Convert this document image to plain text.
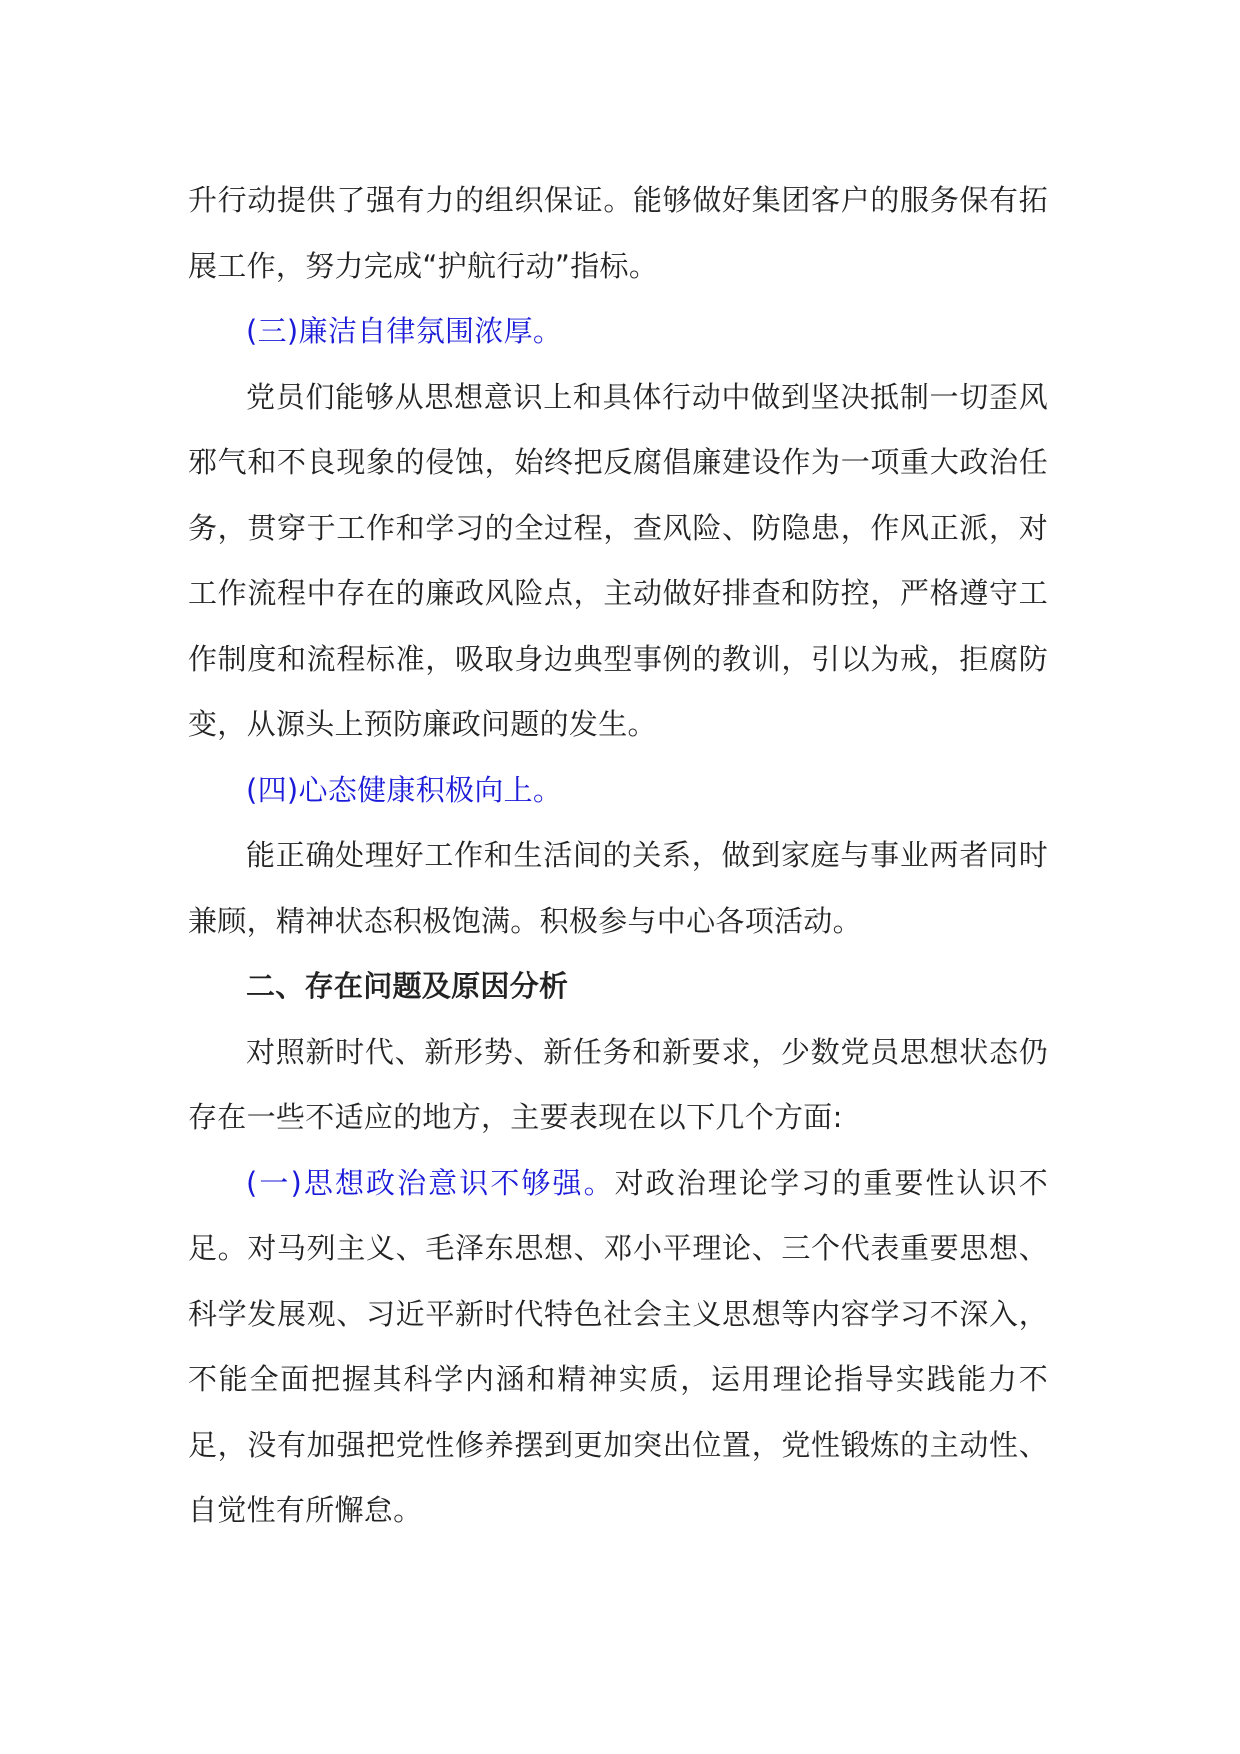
升行动提供了强有力的组织保证。能够做好集团客户的服务保有拓展工作，努力完成“护航行动”指标。

(三)廉洁自律氛围浓厚。

党员们能够从思想意识上和具体行动中做到坚决抵制一切歪风邪气和不良现象的侵蚀，始终把反腐倡廉建设作为一项重大政治任务，贯穿于工作和学习的全过程，查风险、防隐患，作风正派，对工作流程中存在的廉政风险点，主动做好排查和防控，严格遵守工作制度和流程标准，吸取身边典型事例的教训，引以为戒，拒腐防变，从源头上预防廉政问题的发生。

(四)心态健康积极向上。

能正确处理好工作和生活间的关系，做到家庭与事业两者同时兼顾，精神状态积极饱满。积极参与中心各项活动。

二、存在问题及原因分析

对照新时代、新形势、新任务和新要求，少数党员思想状态仍存在一些不适应的地方，主要表现在以下几个方面:

(一)思想政治意识不够强。对政治理论学习的重要性认识不足。对马列主义、毛泽东思想、邓小平理论、三个代表重要思想、科学发展观、习近平新时代特色社会主义思想等内容学习不深入，不能全面把握其科学内涵和精神实质，运用理论指导实践能力不足，没有加强把党性修养摆到更加突出位置，党性锻炼的主动性、自觉性有所懈怠。
